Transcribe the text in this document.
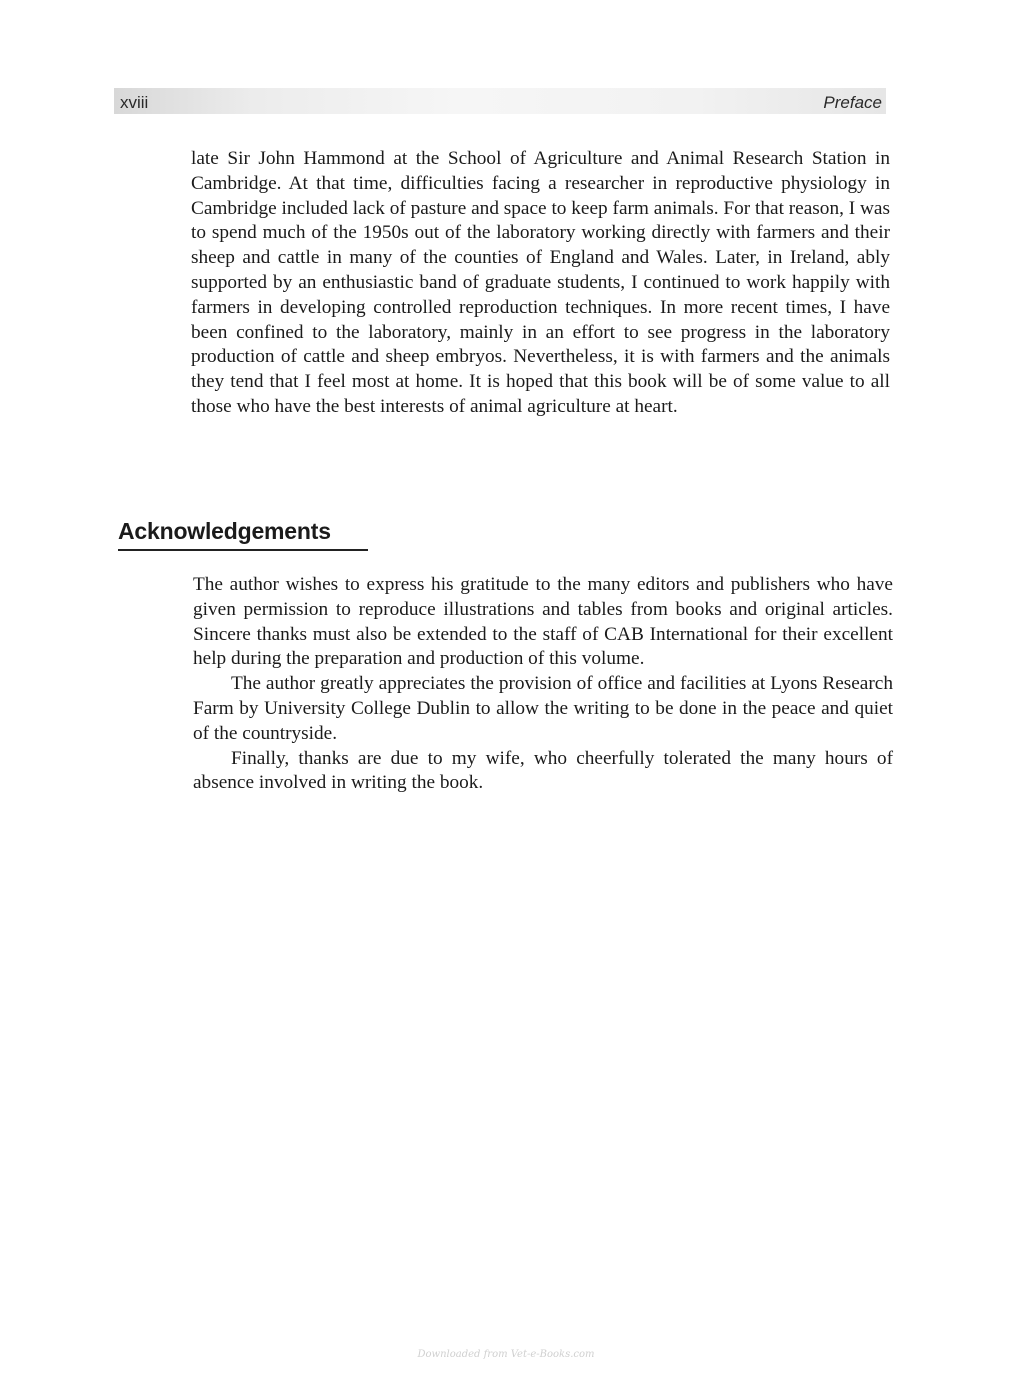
xviii	Preface

late Sir John Hammond at the School of Agriculture and Animal Research Station in Cambridge. At that time, difficulties facing a researcher in reproductive physiology in Cambridge included lack of pasture and space to keep farm animals. For that reason, I was to spend much of the 1950s out of the laboratory working directly with farmers and their sheep and cattle in many of the counties of England and Wales. Later, in Ireland, ably supported by an enthusiastic band of graduate students, I continued to work happily with farmers in developing controlled reproduction techniques. In more recent times, I have been confined to the laboratory, mainly in an effort to see progress in the laboratory production of cattle and sheep embryos. Nevertheless, it is with farmers and the animals they tend that I feel most at home. It is hoped that this book will be of some value to all those who have the best interests of animal agriculture at heart.

Acknowledgements

The author wishes to express his gratitude to the many editors and publishers who have given permission to reproduce illustrations and tables from books and original articles. Sincere thanks must also be extended to the staff of CAB International for their excellent help during the preparation and production of this volume.

The author greatly appreciates the provision of office and facilities at Lyons Research Farm by University College Dublin to allow the writing to be done in the peace and quiet of the countryside.

Finally, thanks are due to my wife, who cheerfully tolerated the many hours of absence involved in writing the book.

Downloaded from Vet-e-Books.com
